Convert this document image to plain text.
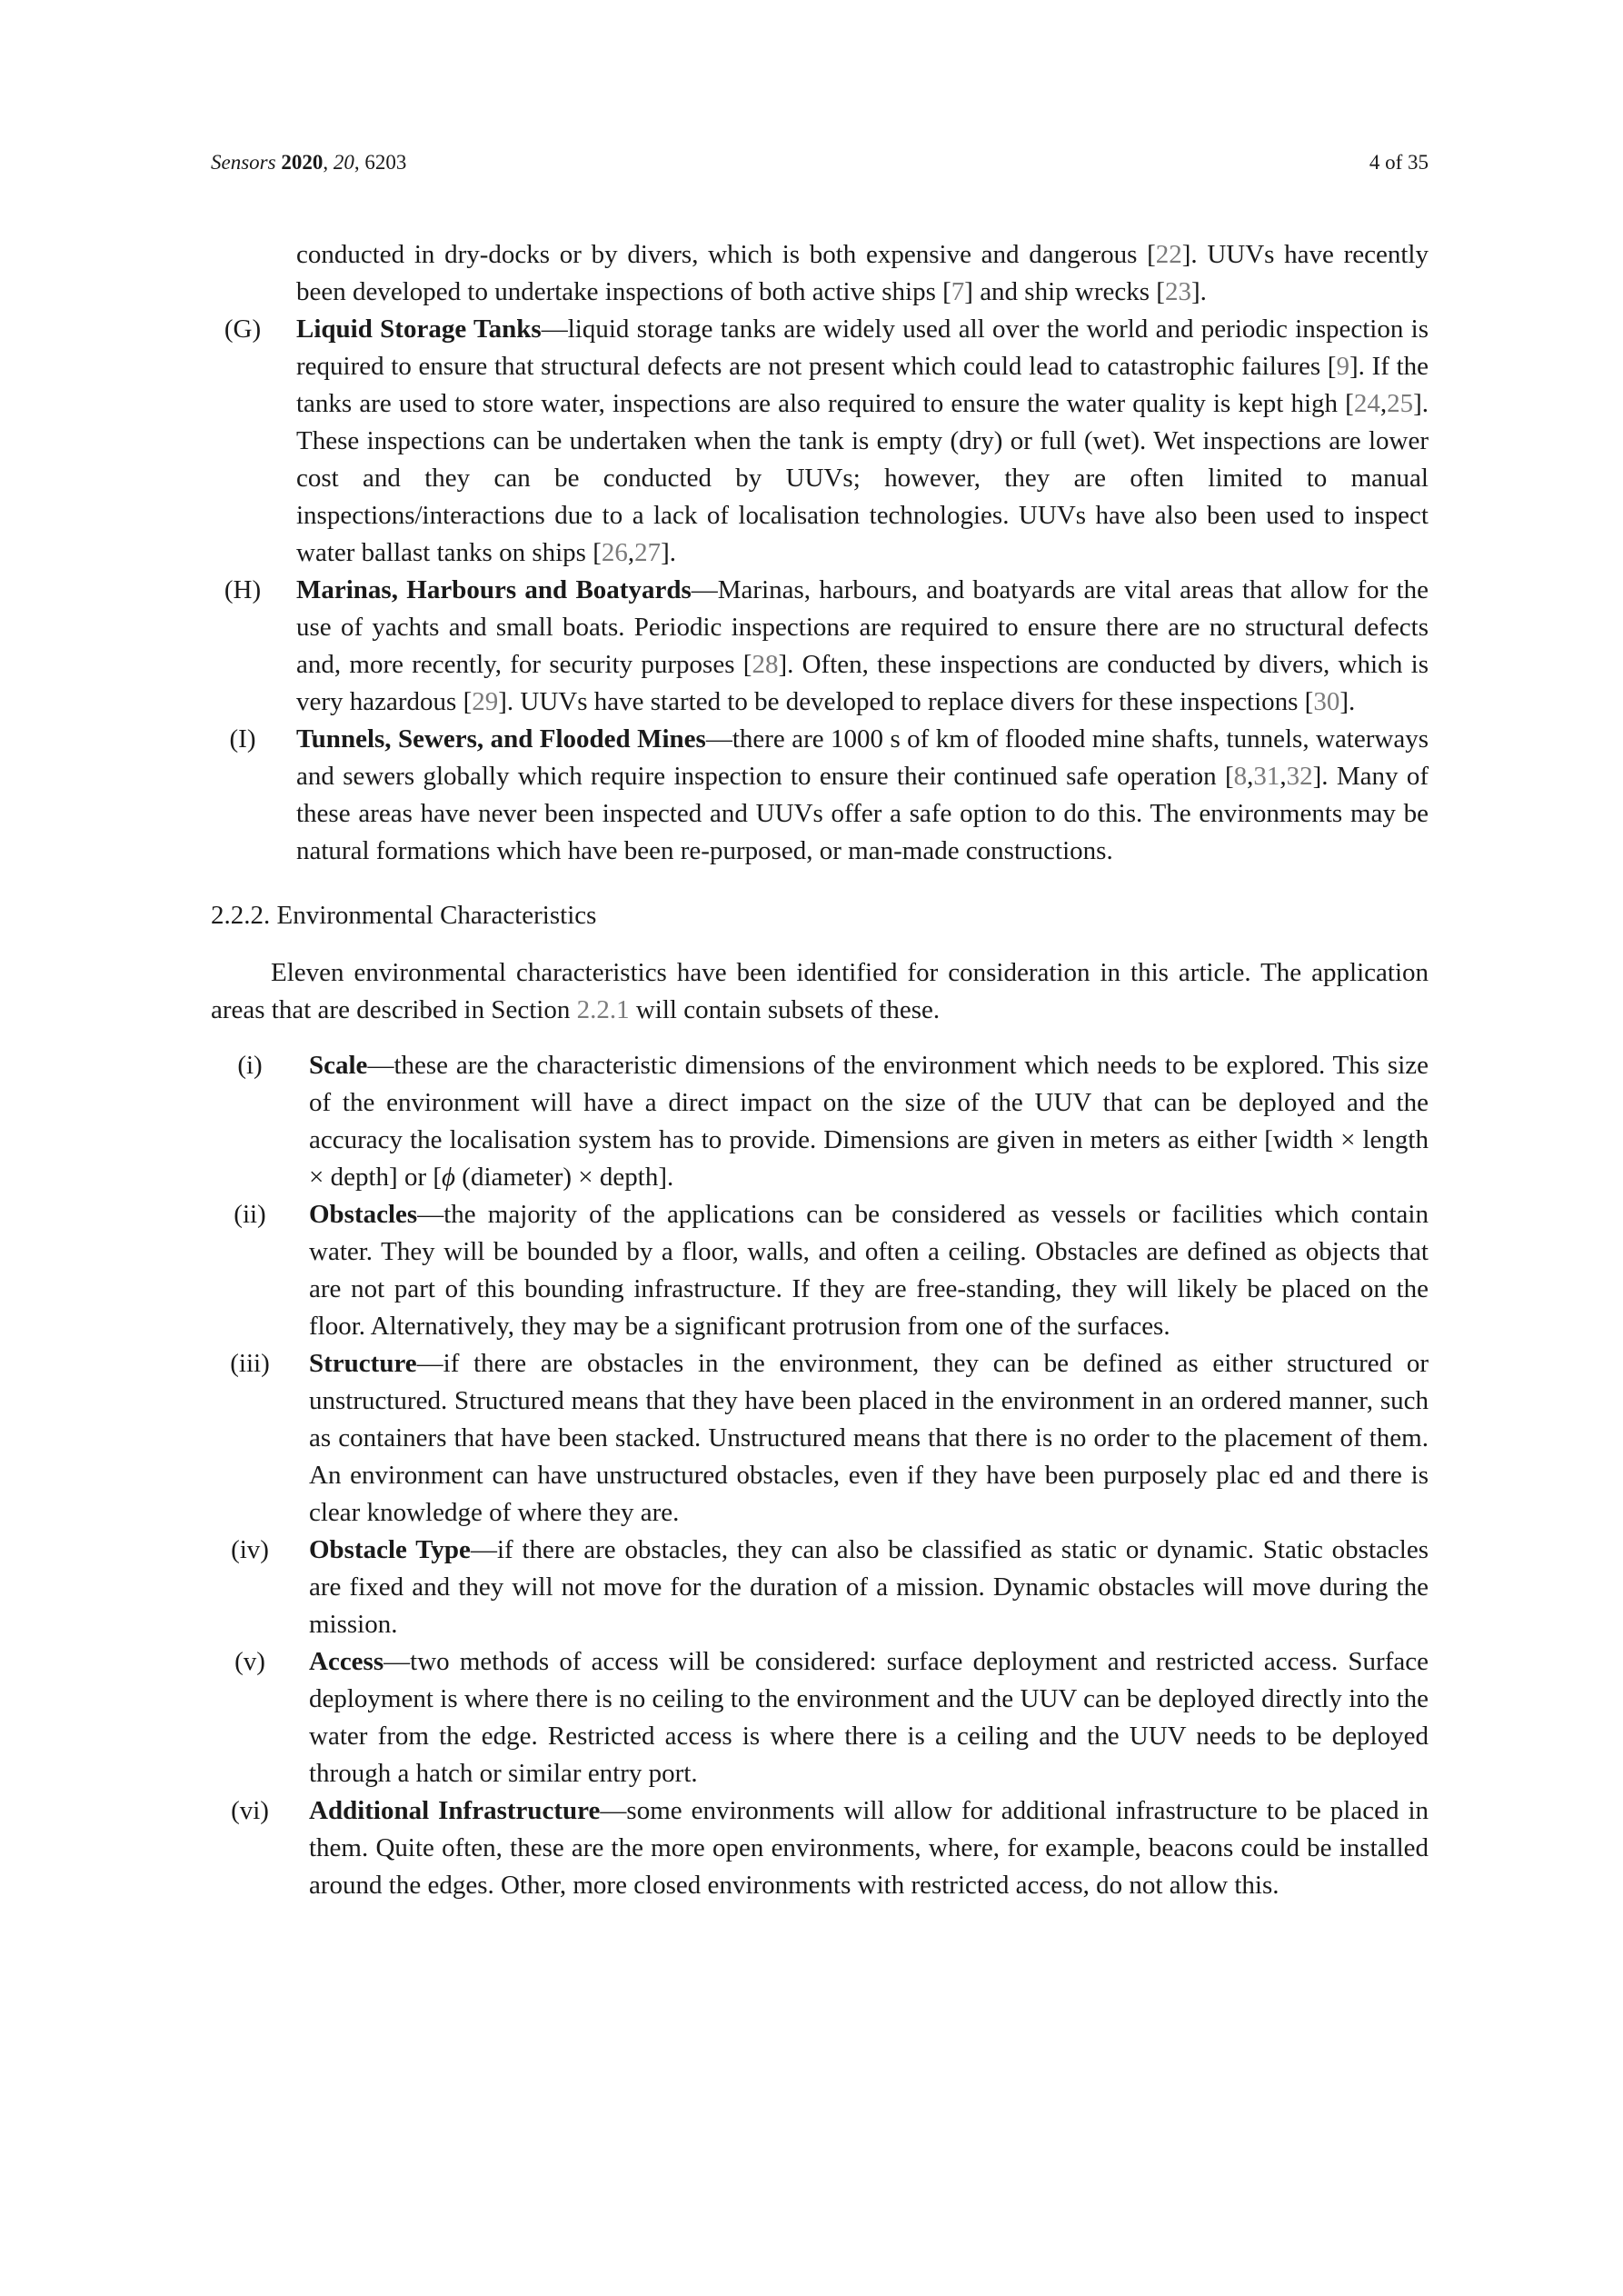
Sensors 2020, 20, 6203	4 of 35
conducted in dry-docks or by divers, which is both expensive and dangerous [22]. UUVs have recently been developed to undertake inspections of both active ships [7] and ship wrecks [23].
(G)	Liquid Storage Tanks—liquid storage tanks are widely used all over the world and periodic inspection is required to ensure that structural defects are not present which could lead to catastrophic failures [9]. If the tanks are used to store water, inspections are also required to ensure the water quality is kept high [24,25]. These inspections can be undertaken when the tank is empty (dry) or full (wet). Wet inspections are lower cost and they can be conducted by UUVs; however, they are often limited to manual inspections/interactions due to a lack of localisation technologies. UUVs have also been used to inspect water ballast tanks on ships [26,27].
(H)	Marinas, Harbours and Boatyards—Marinas, harbours, and boatyards are vital areas that allow for the use of yachts and small boats. Periodic inspections are required to ensure there are no structural defects and, more recently, for security purposes [28]. Often, these inspections are conducted by divers, which is very hazardous [29]. UUVs have started to be developed to replace divers for these inspections [30].
(I)	Tunnels, Sewers, and Flooded Mines—there are 1000 s of km of flooded mine shafts, tunnels, waterways and sewers globally which require inspection to ensure their continued safe operation [8,31,32]. Many of these areas have never been inspected and UUVs offer a safe option to do this. The environments may be natural formations which have been re-purposed, or man-made constructions.
2.2.2. Environmental Characteristics
Eleven environmental characteristics have been identified for consideration in this article. The application areas that are described in Section 2.2.1 will contain subsets of these.
(i)	Scale—these are the characteristic dimensions of the environment which needs to be explored. This size of the environment will have a direct impact on the size of the UUV that can be deployed and the accuracy the localisation system has to provide. Dimensions are given in meters as either [width × length × depth] or [ϕ (diameter) × depth].
(ii)	Obstacles—the majority of the applications can be considered as vessels or facilities which contain water. They will be bounded by a floor, walls, and often a ceiling. Obstacles are defined as objects that are not part of this bounding infrastructure. If they are free-standing, they will likely be placed on the floor. Alternatively, they may be a significant protrusion from one of the surfaces.
(iii)	Structure—if there are obstacles in the environment, they can be defined as either structured or unstructured. Structured means that they have been placed in the environment in an ordered manner, such as containers that have been stacked. Unstructured means that there is no order to the placement of them. An environment can have unstructured obstacles, even if they have been purposely plac ed and there is clear knowledge of where they are.
(iv)	Obstacle Type—if there are obstacles, they can also be classified as static or dynamic. Static obstacles are fixed and they will not move for the duration of a mission. Dynamic obstacles will move during the mission.
(v)	Access—two methods of access will be considered: surface deployment and restricted access. Surface deployment is where there is no ceiling to the environment and the UUV can be deployed directly into the water from the edge. Restricted access is where there is a ceiling and the UUV needs to be deployed through a hatch or similar entry port.
(vi)	Additional Infrastructure—some environments will allow for additional infrastructure to be placed in them. Quite often, these are the more open environments, where, for example, beacons could be installed around the edges. Other, more closed environments with restricted access, do not allow this.
